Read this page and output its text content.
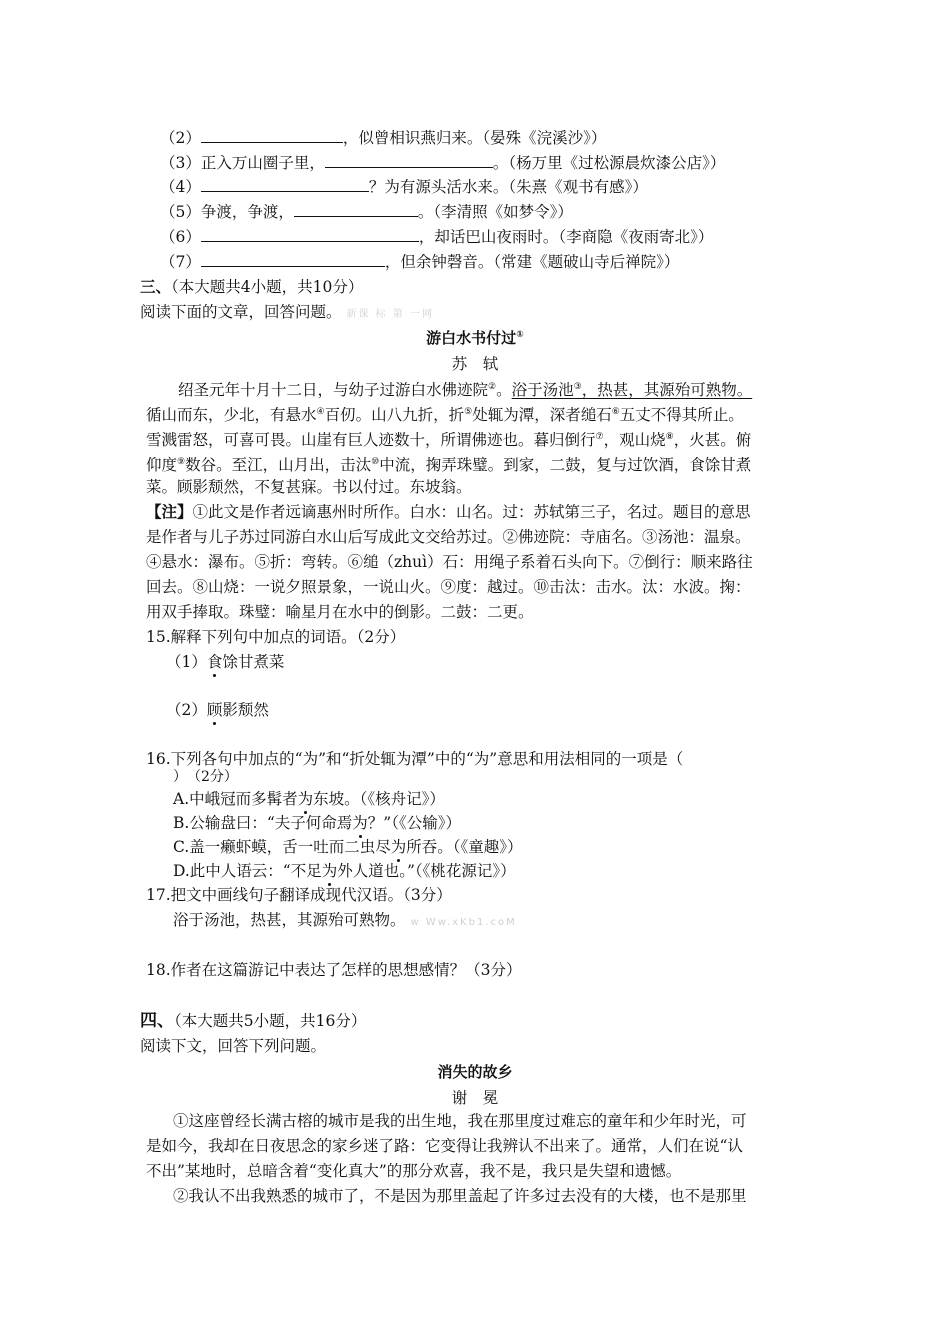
（2）	，似曾相识燕归来。（晏殊《浣溪沙》）
（3）正入万山圈子里，	。（杨万里《过松源晨炊漆公店》）
（4）	？为有源头活水来。（朱熹《观书有感》）
（5）争渡，争渡，	。（李清照《如梦令》）
（6）	，却话巴山夜雨时。（李商隐《夜雨寄北》）
（7）	，但余钟磬音。（常建《题破山寺后禅院》）
三、（本大题共4小题，共10分）
阅读下面的文章，回答问题。 新课 标 第 一网
游白水书付过①
苏　轼
绍圣元年十月十二日，与幼子过游白水佛迹院②。浴于汤池③，热甚，其源殆可熟物。
循山而东，少北，有悬水④百仞。山八九折，折⑤处辄为潭，深者缒石⑥五丈不得其所止。
雪溅雷怒，可喜可畏。山崖有巨人迹数十，所谓佛迹也。暮归倒行⑦，观山烧⑧，火甚。俯
仰度⑨数谷。至江，山月出，击汰⑩中流，掬弄珠璧。到家，二鼓，复与过饮酒，食馀甘煮
菜。顾影颓然，不复甚寐。书以付过。东坡翁。
【注】①此文是作者远谪惠州时所作。白水：山名。过：苏轼第三子，名过。题目的意思
是作者与儿子苏过同游白水山后写成此文交给苏过。②佛迹院：寺庙名。③汤池：温泉。
④悬水：瀑布。⑤折：弯转。⑥缒（zhuì）石：用绳子系着石头向下。⑦倒行：顺来路往
回去。⑧山烧：一说夕照景象，一说山火。⑨度：越过。⑩击汰：击水。汰：水波。掬：
用双手捧取。珠璧：喻星月在水中的倒影。二鼓：二更。
15.解释下列句中加点的词语。（2分）
（1）食馀甘煮菜
（2）顾影颓然
16.下列各句中加点的“为”和“折处辄为潭”中的“为”意思和用法相同的一项是（
）　（2分）
A.中峨冠而多髯者为东坡。（《核舟记》）
B.公输盘曰：“夫子何命焉为？”（《公输》）
C.盖一癞虾蟆，舌一吐而二虫尽为所吞。（《童趣》）
D.此中人语云：“不足为外人道也。”（《桃花源记》）
17.把文中画线句子翻译成现代汉语。（3分）
浴于汤池，热甚，其源殆可熟物。 w Ww.xKb1.coM
18.作者在这篇游记中表达了怎样的思想感情？（3分）
四、（本大题共5小题，共16分）
阅读下文，回答下列问题。
消失的故乡
谢　冕
①这座曾经长满古榕的城市是我的出生地，我在那里度过难忘的童年和少年时光，可
是如今，我却在日夜思念的家乡迷了路：它变得让我辨认不出来了。通常，人们在说“认
不出”某地时，总暗含着“变化真大”的那分欢喜，我不是，我只是失望和遗憾。
②我认不出我熟悉的城市了，不是因为那里盖起了许多过去没有的大楼，也不是那里
